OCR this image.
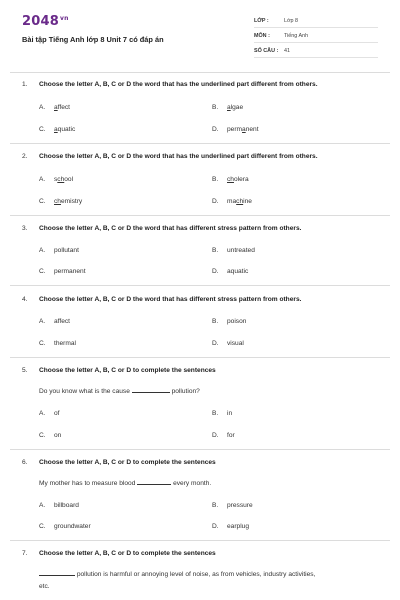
$2048^{vn}$
Bài tập Tiếng Anh lớp 8 Unit 7 có đáp án
LỚP :	Lớp 8
MÔN :	Tiếng Anh
SỐ CÂU : 41
1. Choose the letter A, B, C or D the word that has the underlined part different from others.
A. affect	B. algae
C. aquatic	D. permanent
2. Choose the letter A, B, C or D the word that has the underlined part different from others.
A. school	B. cholera
C. chemistry	D. machine
3. Choose the letter A, B, C or D the word that has different stress pattern from others.
A. pollutant	B. untreated
C. permanent	D. aquatic
4. Choose the letter A, B, C or D the word that has different stress pattern from others.
A. affect	B. poison
C. thermal	D. visual
5. Choose the letter A, B, C or D to complete the sentences
Do you know what is the cause	pollution?
A. of	B. in
C. on	D. for
6. Choose the letter A, B, C or D to complete the sentences
My mother has to measure blood	every month.
A. billboard	B. pressure
C. groundwater	D. earplug
7. Choose the letter A, B, C or D to complete the sentences
pollution is harmful or annoying level of noise, as from vehicles, industry activities,
etc.
